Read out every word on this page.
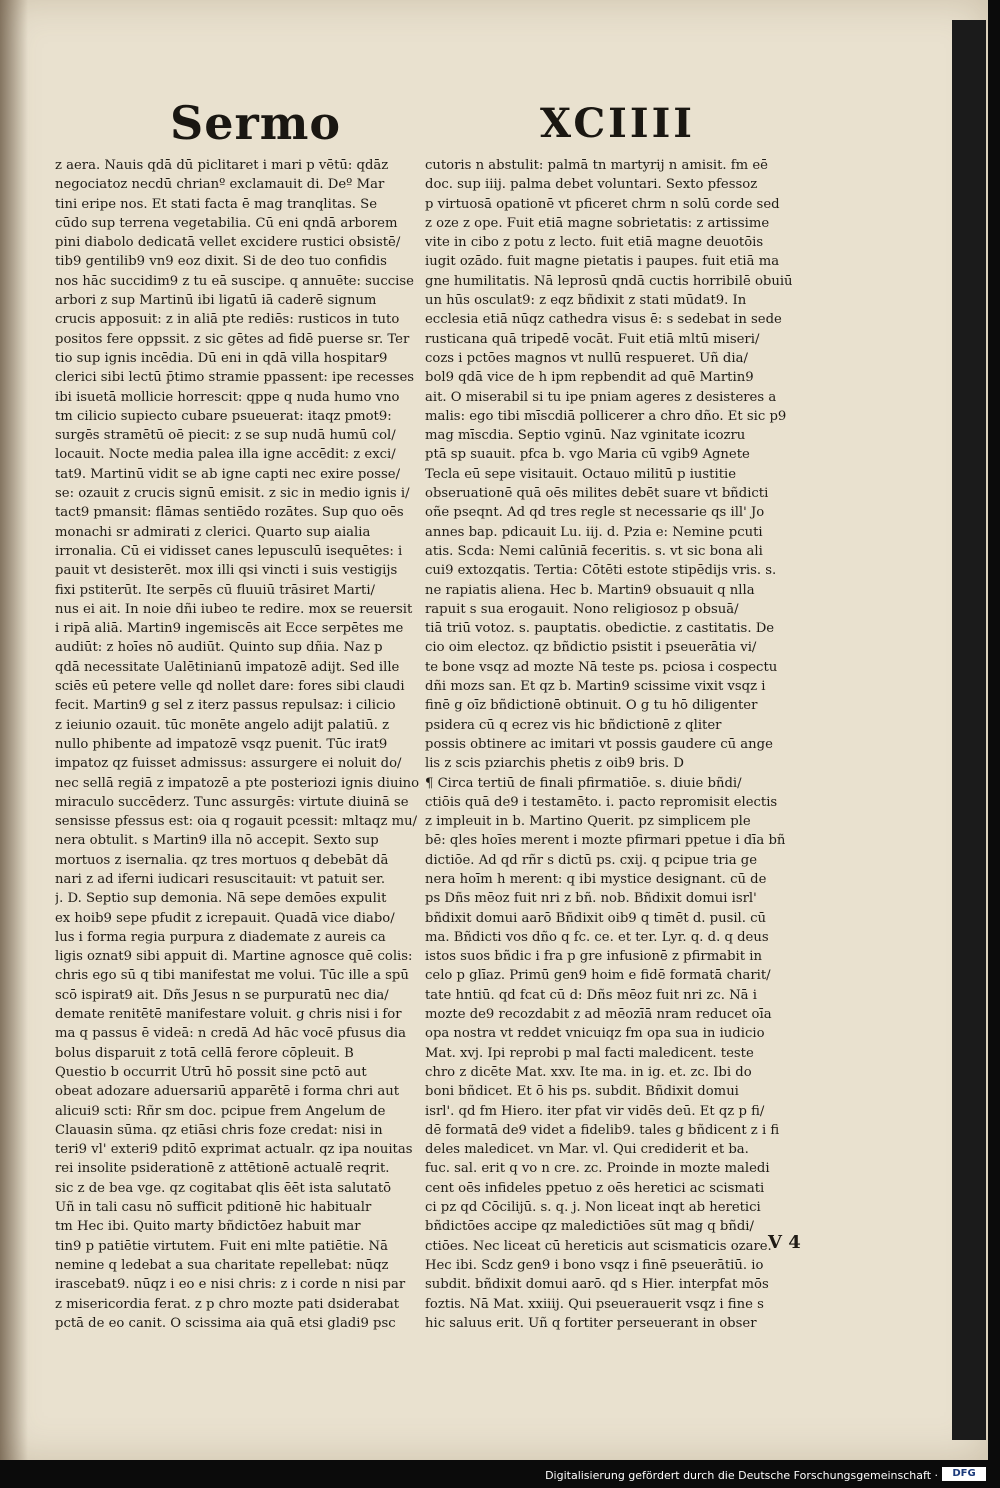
Sermo	XCIIII
z aera. Nauis qdā dū piclitaret i mari p vētū: qdāz
negociatoz necdū chrianº exclamauit di. Deº Mar
tini eripe nos. Et stati facta ē mag tranqlitas. Se
cūdo sup terrena vegetabilia. Cū eni qndā arborem
pini diabolo dedicatā vellet excidere rustici obsistē/
tib9 gentilib9 vn9 eoz dixit. Si de deo tuo confidis
nos hāc succidim9 z tu eā suscipe. q annuēte: succise
arbori z sup Martinū ibi ligatū iā caderē signum
crucis apposuit: z in aliā pte rediēs: rusticos in tuto
positos fere oppssit. z sic gētes ad fidē puerse sr. Ter
tio sup ignis incēdia. Dū eni in qdā villa hospitar9
clerici sibi lectū p̄timo stramie ppassent: ipe recesses
ibi isuetā mollicie horrescit: qppe q nuda humo vno
tm cilicio supiecto cubare psueuerat: itaqz pmot9:
surgēs stramētū oē piecit: z se sup nudā humū col/
locauit. Nocte media palea illa igne accēdit: z exci/
tat9. Martinū vidit se ab igne capti nec exire posse/
se: ozauit z crucis signū emisit. z sic in medio ignis i/
tact9 pmansit: flāmas sentiēdo rozātes. Sup quo oēs
monachi sr admirati z clerici. Quarto sup aialia
irronalia. Cū ei vidisset canes lepusculū isequētes: i
pauit vt desisterēt. mox illi qsi vincti i suis vestigijs
fixi pstiterūt. Ite serpēs cū fluuiū trāsiret Marti/
nus ei ait. In noie dñi iubeo te redire. mox se reuersit
i ripā aliā. Martin9 ingemiscēs ait Ecce serpētes me
audiūt: z hoīes nō audiūt. Quinto sup dñia. Naz p
qdā necessitate Ualētinianū impatozē adijt. Sed ille
sciēs eū petere velle qd nollet dare: fores sibi claudi
fecit. Martin9 g sel z iterz passus repulsaz: i cilicio
z ieiunio ozauit. tūc monēte angelo adijt palatiū. z
nullo phibente ad impatozē vsqz puenit. Tūc irat9
impatoz qz fuisset admissus: assurgere ei noluit do/
nec sellā regiā z impatozē a pte posteriozi ignis diuino
miraculo succēderz. Tunc assurgēs: virtute diuinā se
sensisse pfessus est: oia q rogauit pcessit: mltaqz mu/
nera obtulit. s Martin9 illa nō accepit. Sexto sup
mortuos z isernalia. qz tres mortuos q debebāt dā
nari z ad iferni iudicari resuscitauit: vt patuit ser.
j. D. Septio sup demonia. Nā sepe demōes expulit
ex hoib9 sepe pfudit z icrepauit. Quadā vice diabo/
lus i forma regia purpura z diademate z aureis ca
ligis oznat9 sibi appuit di. Martine agnosce quē colis:
chris ego sū q tibi manifestat me volui. Tūc ille a spū
scō ispirat9 ait. Dñs Jesus n se purpuratū nec dia/
demate renitētē manifestare voluit. g chris nisi i for
ma q passus ē videā: n credā Ad hāc vocē pfusus dia
bolus disparuit z totā cellā ferore cōpleuit. B
Questio b occurrit Utrū hō possit sine pctō aut
obeat adozare aduersariū apparētē i forma chri aut
alicui9 scti: Rñr sm doc. pcipue frem Angelum de
Clauasin sūma. qz etiāsi chris foze credat: nisi in
teri9 vl' exteri9 pditō exprimat actualr. qz ipa nouitas
rei insolite psiderationē z attētionē actualē reqrit.
sic z de bea vge. qz cogitabat qlis ēēt ista salutatō
Uñ in tali casu nō sufficit pditionē hic habitualr
tm Hec ibi. Quito marty bñdictōez habuit mar
tin9 p patiētie virtutem. Fuit eni mlte patiētie. Nā
nemine q ledebat a sua charitate repellebat: nūqz
irascebat9. nūqz i eo e nisi chris: z i corde n nisi par
z misericordia ferat. z p chro mozte pati dsiderabat
pctā de eo canit. O scissima aia quā etsi gladi9 psc
cutoris n abstulit: palmā tn martyrij n amisit. fm eē
doc. sup iiij. palma debet voluntari. Sexto pfessoz
p virtuosā opationē vt pficeret chrm n solū corde sed
z oze z ope. Fuit etiā magne sobrietatis: z artissime
vite in cibo z potu z lecto. fuit etiā magne deuotōis
iugit ozādo. fuit magne pietatis i paupes. fuit etiā ma
gne humilitatis. Nā leprosū qndā cuctis horribilē obuiū
un hūs osculat9: z eqz bñdixit z stati mūdat9. In
ecclesia etiā nūqz cathedra visus ē: s sedebat in sede
rusticana quā tripedē vocāt. Fuit etiā mltū miseri/
cozs i pctōes magnos vt nullū respueret. Uñ dia/
bol9 qdā vice de h ipm repbendit ad quē Martin9
ait. O miserabil si tu ipe pniam ageres z desisteres a
malis: ego tibi mīscdiā pollicerer a chro dño. Et sic p9
mag mīscdia. Septio vginū. Naz vginitate icozru
ptā sp suauit. pfca b. vgo Maria cū vgib9 Agnete
Tecla eū sepe visitauit. Octauo militū p iustitie
obseruationē quā oēs milites debēt suare vt bñdicti
oñe pseqnt. Ad qd tres regle st necessarie qs ill' Jo
annes bap. pdicauit Lu. iij. d. Pzia e: Nemine pcuti
atis. Scda: Nemi calūniā feceritis. s. vt sic bona ali
cui9 extozqatis. Tertia: Cōtēti estote stipēdijs vris. s.
ne rapiatis aliena. Hec b. Martin9 obsuauit q nlla
rapuit s sua erogauit. Nono religiosoz p obsuā/
tiā triū votoz. s. pauptatis. obedictie. z castitatis. De
cio oim electoz. qz bñdictio psistit i pseuerātia vi/
te bone vsqz ad mozte Nā teste ps. pciosa i cospectu
dñi mozs san. Et qz b. Martin9 scissime vixit vsqz i
finē g oīz bñdictionē obtinuit. O g tu hō diligenter
psidera cū q ecrez vis hic bñdictionē z qliter
possis obtinere ac imitari vt possis gaudere cū ange
lis z scis pziarchis phetis z oib9 bris. D
¶ Circa tertiū de finali pfirmatiōe. s. diuie bñdi/
ctiōis quā de9 i testamēto. i. pacto repromisit electis
z impleuit in b. Martino Querit. pz simplicem ple
bē: qles hoīes merent i mozte pfirmari ppetue i dīa bñ
dictiōe. Ad qd rñr s dictū ps. cxij. q pcipue tria ge
nera hoīm h merent: q ibi mystice designant. cū de
ps Dñs mēoz fuit nri z bñ. nob. Bñdixit domui isrl'
bñdixit domui aarō Bñdixit oib9 q timēt d. pusil. cū
ma. Bñdicti vos dño q fc. ce. et ter. Lyr. q. d. q deus
istos suos bñdic i fra p gre infusionē z pfirmabit in
celo p glīaz. Primū gen9 hoim e fidē formatā charit/
tate hntiū. qd fcat cū d: Dñs mēoz fuit nri zc. Nā i
mozte de9 recozdabit z ad mēozīā nram reducet oīa
opa nostra vt reddet vnicuiqz fm opa sua in iudicio
Mat. xvj. Ipi reprobi p mal facti maledicent. teste
chro z dicēte Mat. xxv. Ite ma. in ig. et. zc. Ibi do
boni bñdicet. Et ō his ps. subdit. Bñdixit domui
isrl'. qd fm Hiero. iter pfat vir vidēs deū. Et qz p fi/
dē formatā de9 videt a fidelib9. tales g bñdicent z i fi
deles maledicet. vn Mar. vl. Qui crediderit et ba.
fuc. sal. erit q vo n cre. zc. Proinde in mozte maledi
cent oēs infideles ppetuo z oēs heretici ac scismati
ci pz qd Cōcilijū. s. q. j. Non liceat inqt ab heretici
bñdictōes accipe qz maledictiōes sūt mag q bñdi/
ctiōes. Nec liceat cū hereticis aut scismaticis ozare.
Hec ibi. Scdz gen9 i bono vsqz i finē pseuerātiū. io
subdit. bñdixit domui aarō. qd s Hier. interpfat mōs
foztis. Nā Mat. xxiiij. Qui pseuerauerit vsqz i fine s
hic saluus erit. Uñ q fortiter perseuerant in obser
V 4
Digitalisierung gefördert durch die Deutsche Forschungsgemeinschaft ·	DFG
